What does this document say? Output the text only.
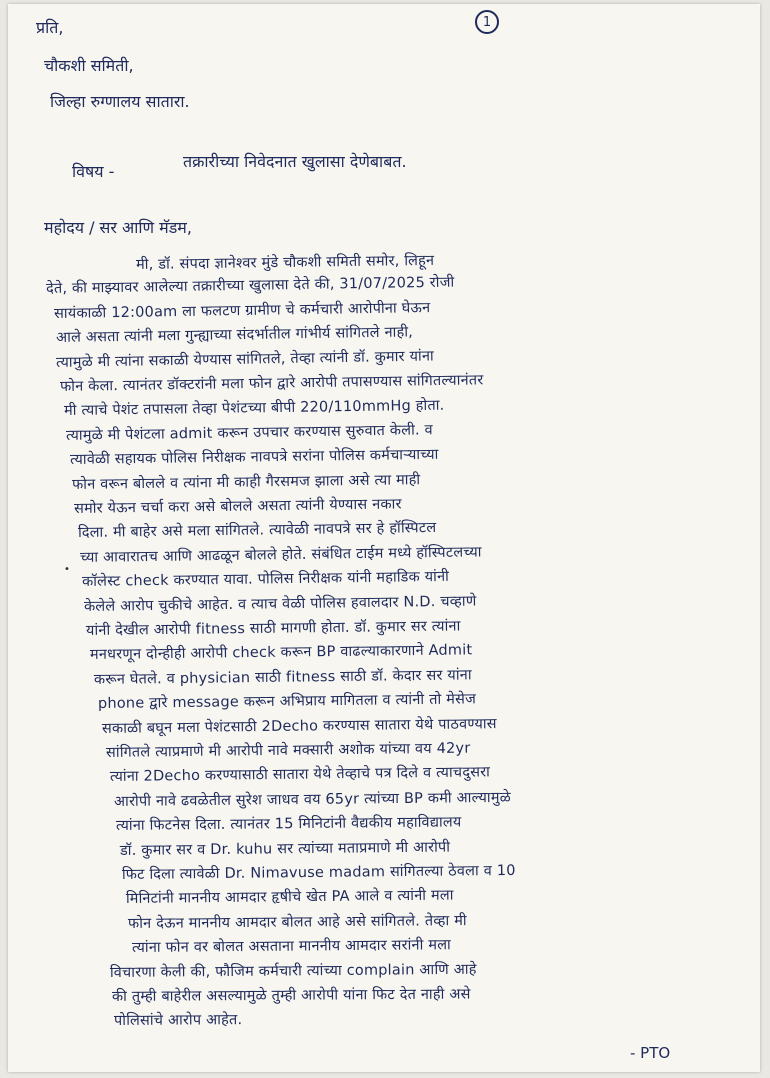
1
प्रति,
चौकशी समिती,
जिल्हा रुग्णालय सातारा.
विषय -
तक्रारीच्या निवेदनात खुलासा देणेबाबत.
महोदय / सर आणि मॅडम,
•
मी, डॉ. संपदा ज्ञानेश्वर मुंडे चौकशी समिती समोर, लिहून
देते, की माझ्यावर आलेल्या तक्रारीच्या खुलासा देते की, 31/07/2025 रोजी
सायंकाळी 12:00am ला फलटण ग्रामीण चे कर्मचारी आरोपीना घेऊन
आले असता त्यांनी मला गुन्ह्याच्या संदर्भातील गांभीर्य सांगितले नाही,
त्यामुळे मी त्यांना सकाळी येण्यास सांगितले, तेव्हा त्यांनी डॉ. कुमार यांना
फोन केला. त्यानंतर डॉक्टरांनी मला फोन द्वारे आरोपी तपासण्यास सांगितल्यानंतर
मी त्याचे पेशंट तपासला तेव्हा पेशंटच्या बीपी 220/110mmHg होता.
त्यामुळे मी पेशंटला admit करून उपचार करण्यास सुरुवात केली. व
त्यावेळी सहायक पोलिस निरीक्षक नावपत्रे सरांना पोलिस कर्मचाऱ्याच्या
फोन वरून बोलले व त्यांना मी काही गैरसमज झाला असे त्या माही
समोर येऊन चर्चा करा असे बोलले असता त्यांनी येण्यास नकार
दिला. मी बाहेर असे मला सांगितले. त्यावेळी नावपत्रे सर हे हॉस्पिटल
च्या आवारातच आणि आढळून बोलले होते. संबंधित टाईम मध्ये हॉस्पिटलच्या
कॉलेस्ट check करण्यात यावा. पोलिस निरीक्षक यांनी महाडिक यांनी
केलेले आरोप चुकीचे आहेत. व त्याच वेळी पोलिस हवालदार N.D. चव्हाणे
यांनी देखील आरोपी fitness साठी मागणी होता. डॉ. कुमार सर त्यांना
मनधरणून दोन्हीही आरोपी check करून BP वाढल्याकारणाने Admit
करून घेतले. व physician साठी fitness साठी डॉ. केदार सर यांना
phone द्वारे message करून अभिप्राय मागितला व त्यांनी तो मेसेज
सकाळी बघून मला पेशंटसाठी 2Decho करण्यास सातारा येथे पाठवण्यास
सांगितले त्याप्रमाणे मी आरोपी नावे मक्सारी अशोक यांच्या वय 42yr
त्यांना 2Decho करण्यासाठी सातारा येथे तेव्हाचे पत्र दिले व त्याचदुसरा
आरोपी नावे ढवळेतील सुरेश जाधव वय 65yr त्यांच्या BP कमी आल्यामुळे
त्यांना फिटनेस दिला. त्यानंतर 15 मिनिटांनी वैद्यकीय महाविद्यालय
डॉ. कुमार सर व Dr. kuhu सर त्यांच्या मताप्रमाणे मी आरोपी
फिट दिला त्यावेळी Dr. Nimavuse madam सांगितल्या ठेवला व 10
मिनिटांनी माननीय आमदार हृषीचे खेत PA आले व त्यांनी मला
फोन देऊन माननीय आमदार बोलत आहे असे सांगितले. तेव्हा मी
त्यांना फोन वर बोलत असताना माननीय आमदार सरांनी मला
विचारणा केली की, फौजिम कर्मचारी त्यांच्या complain आणि आहे
की तुम्ही बाहेरील असल्यामुळे तुम्ही आरोपी यांना फिट देत नाही असे
पोलिसांचे आरोप आहेत.
- PTO
